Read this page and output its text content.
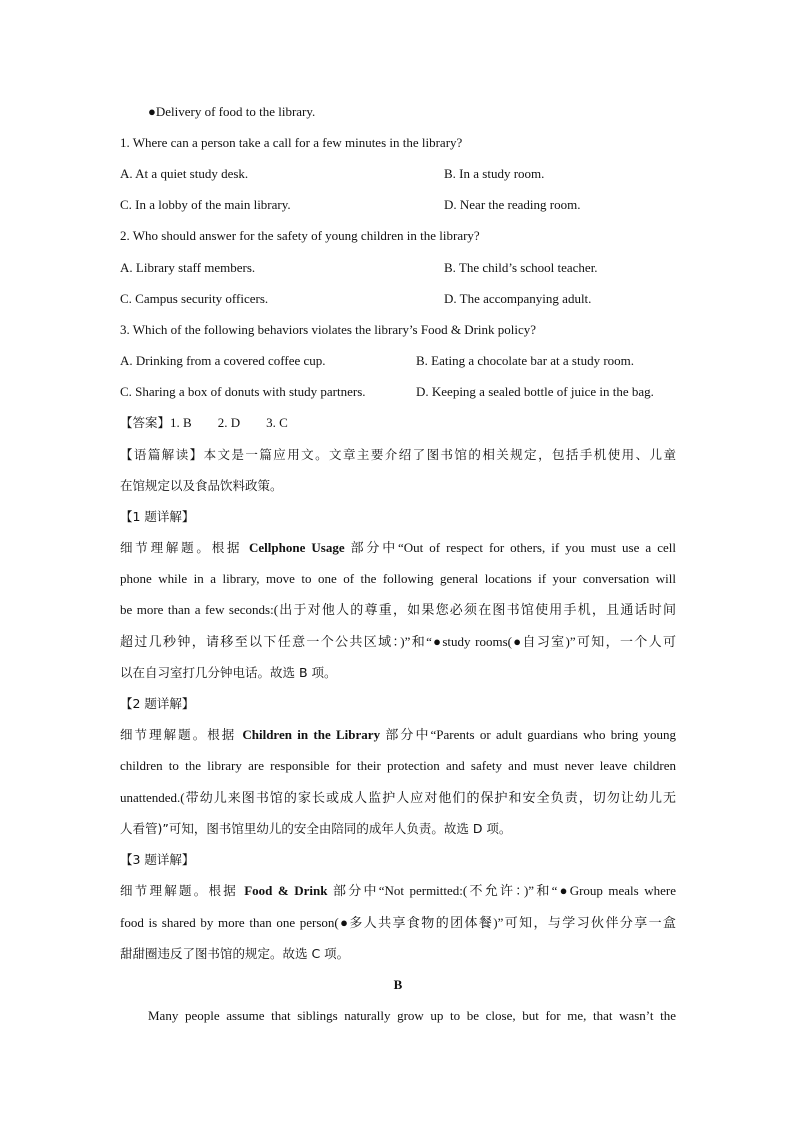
●Delivery of food to the library.
1. Where can a person take a call for a few minutes in the library?
A. At a quiet study desk.	B. In a study room.
C. In a lobby of the main library.	D. Near the reading room.
2. Who should answer for the safety of young children in the library?
A. Library staff members.	B. The child’s school teacher.
C. Campus security officers.	D. The accompanying adult.
3. Which of the following behaviors violates the library’s Food & Drink policy?
A. Drinking from a covered coffee cup.	B. Eating a chocolate bar at a study room.
C. Sharing a box of donuts with study partners.	D. Keeping a sealed bottle of juice in the bag.
【答案】1. B 2. D 3. C
【语篇解读】本文是一篇应用文。文章主要介绍了图书馆的相关规定，包括手机使用、儿童
在馆规定以及食品饮料政策。
【1 题详解】
细节理解题。根据 Cellphone Usage 部分中“Out of respect for others, if you must use a cell
phone while in a library, move to one of the following general locations if your conversation will
be more than a few seconds:(出于对他人的尊重，如果您必须在图书馆使用手机，且通话时间
超过几秒钟，请移至以下任意一个公共区域：)”和“●study rooms(●自习室)”可知，一个人可
以在自习室打几分钟电话。故选 B 项。
【2 题详解】
细节理解题。根据 Children in the Library 部分中“Parents or adult guardians who bring young
children to the library are responsible for their protection and safety and must never leave children
unattended.(带幼儿来图书馆的家长或成人监护人应对他们的保护和安全负责，切勿让幼儿无
人看管)”可知，图书馆里幼儿的安全由陪同的成年人负责。故选 D 项。
【3 题详解】
细节理解题。根据 Food & Drink 部分中“Not permitted:(不允许：)”和“●Group meals where
food is shared by more than one person(●多人共享食物的团体餐)”可知，与学习伙伴分享一盒
甜甜圈违反了图书馆的规定。故选 C 项。
B
Many people assume that siblings naturally grow up to be close, but for me, that wasn’t the
